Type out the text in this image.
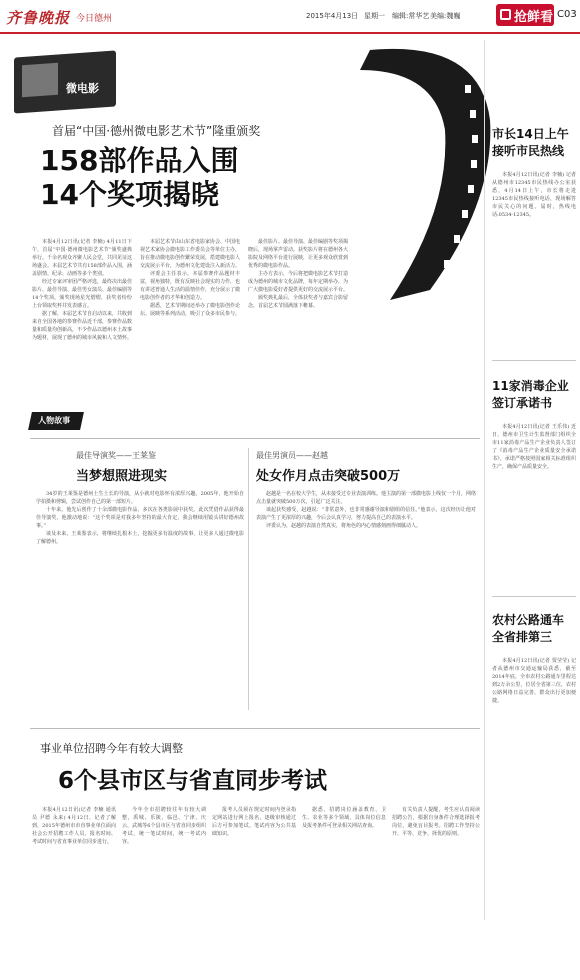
齐鲁晚报 今日德州	2015年4月13日 星期一 编辑:常华艺 美编:魏巍	抢鲜看 C03
微电影
首届“中国·德州微电影艺术节”隆重颁奖
158部作品入围
14个奖项揭晓

本报4月12日讯(记者 李楠) 4月11日下午，首届“中国·德州微电影艺术节”颁奖盛典举行。千余名观众齐聚人民会堂，共同见证这场盛会。本届艺术节共有158部作品入围，涵盖剧情、纪录、动画等多个类别。

经过专家评审团严格评选，最终决出最佳影片、最佳导演、最佳男女演员、最佳编剧等14个奖项。颁奖现场星光熠熠，获奖者纷纷上台领取奖杯并发表感言。

据了解，本届艺术节自启动以来，共收到来自全国各地的参赛作品近千部，参赛作品数量和质量均创新高，不少作品以德州本土故事为题材，展现了德州的城市风貌和人文情怀。

本届艺术节由山东省电影家协会、中国电视艺术家协会微电影工作委员会等单位主办，旨在推动微电影创作繁荣发展，搭建微电影人交流展示平台，为德州文化建设注入新活力。

评委会主任表示，本届参赛作品题材丰富，视角独特，既有反映社会现实的力作，也有讲述普通人生活的温情佳作，充分展示了微电影创作者的才华和创造力。

据悉，艺术节期间还举办了微电影创作论坛、展映等系列活动，吸引了众多市民参与。

最佳影片、最佳导演、最佳编剧等奖项揭晓后，现场掌声雷动。获奖影片将在德州各大影院及网络平台进行展映，让更多观众欣赏到优秀的微电影作品。

主办方表示，今后将把微电影艺术节打造成为德州的城市文化品牌，每年定期举办，为广大微电影爱好者提供更好的交流展示平台。

颁奖典礼最后，全体获奖者与嘉宾合影留念，首届艺术节圆满落下帷幕。

市长14日上午
接听市民热线
本报4月12日讯(记者 李楠) 记者从德州市12345市民热线办公室获悉，4月14日上午，市长将走进12345市民热线接听电话，现场解答市民关心的问题。届时，热线电话:0534-12345。
11家消毒企业
签订承诺书
本报4月12日讯(记者 王乐伟) 近日，德州市卫生计生监督部门组织全市11家消毒产品生产企业负责人签订了《消毒产品生产企业质量安全承诺书》，承诺严格按照国家相关标准组织生产，确保产品质量安全。
农村公路通车
全省排第三
本报4月12日讯(记者 贾莹莹) 记者从德州市交通运输局获悉，截至2014年底，全市农村公路通车里程达到2万余公里，位居全省第三位，农村公路网络日益完善，群众出行更加便捷。
人物故事
最佳导演奖——王莱鉴
当梦想照进现实

34岁的王莱鉴是德州土生土长的导演，从小就对电影怀有浓厚兴趣。2005年，他开始自学拍摄和剪辑，尝试创作自己的第一部短片。

十年来，他先后创作了十余部微电影作品，多次在各类影展中获奖。此次凭借作品获得最佳导演奖，他激动地说：“这个奖项是对我多年坚持的最大肯定，我会继续用镜头讲好德州故事。”

谈及未来，王莱鉴表示，将继续扎根本土，挖掘更多有温度的故事，让更多人通过微电影了解德州。

最佳男演员——赵越
处女作月点击突破500万

赵越是一名在校大学生，从未接受过专业表演训练。他主演的第一部微电影上线仅一个月，网络点击量就突破500万次，引起广泛关注。

谈起获奖感受，赵越说：“非常意外，也非常感谢导演和剧组的信任。”他表示，这次经历让他对表演产生了更浓厚的兴趣，今后会认真学习，努力提高自己的表演水平。

评委认为，赵越的表演自然真实，将角色的内心情感刻画得细腻动人。

事业单位招聘今年有较大调整
6个县市区与省直同步考试
本报4月12日讯(记者 李楠 通讯员 尹德 永来) 4月12日，记者了解到，2015年德州市市直事业单位面向社会公开招聘工作人员，报名时间、考试时间与省直事业单位同步进行。
今年全市招聘较往年有较大调整，禹城、乐陵、临邑、宁津、庆云、武城等6个县市区与省直同步组织考试，统一笔试时间，统一考试内容。
报考人员须在规定时间内登录指定网站进行网上报名，逐级审核通过后方可参加笔试。笔试内容为公共基础知识。
据悉，招聘岗位涵盖教育、卫生、农业等多个领域，具体岗位信息及报考条件可登录相关网站查询。
有关负责人提醒，考生应认真阅读招聘公告，根据自身条件合理选择报考岗位，避免盲目报考。招聘工作坚持公开、平等、竞争、择优的原则。
